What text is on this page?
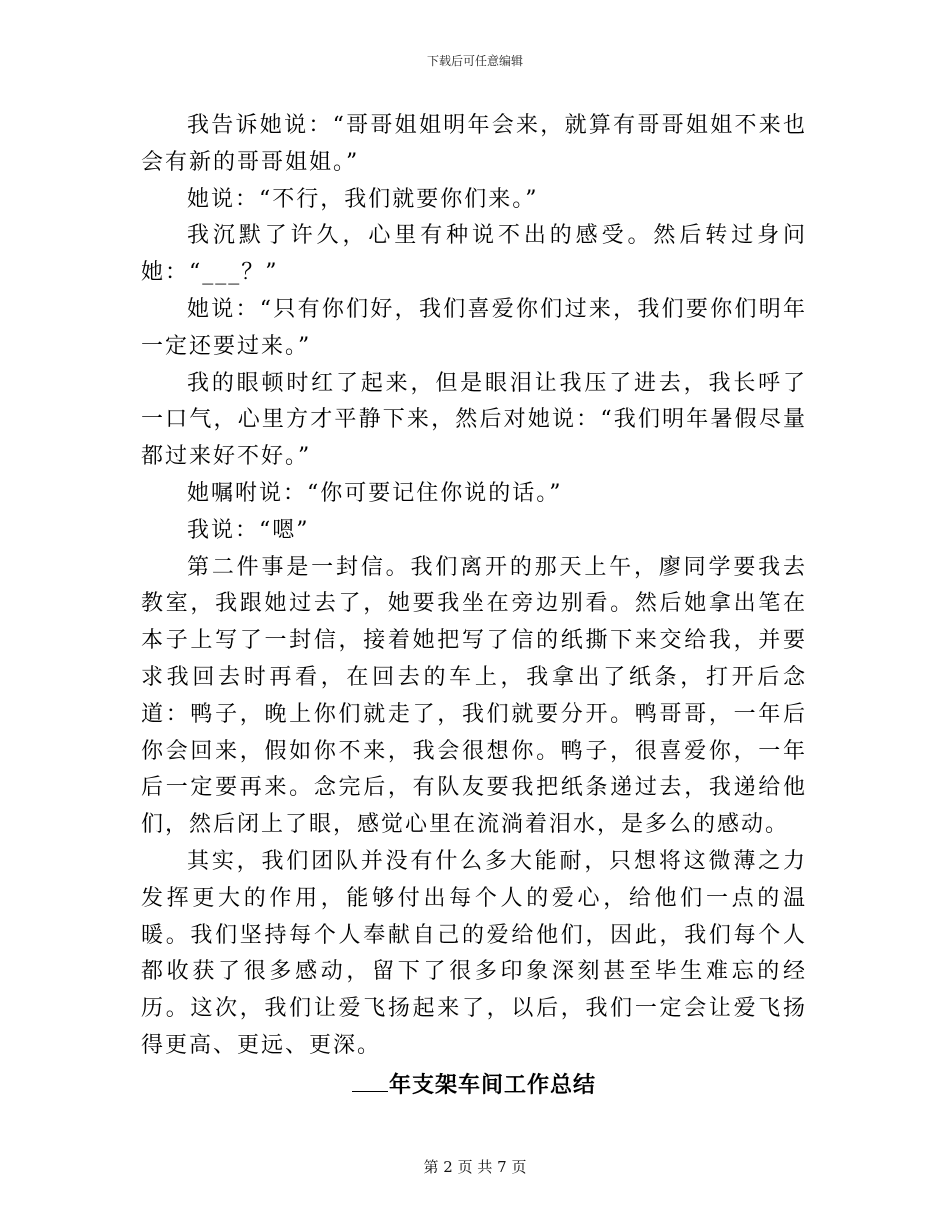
下载后可任意编辑

我告诉她说：“哥哥姐姐明年会来，就算有哥哥姐姐不来也会有新的哥哥姐姐。”

她说：“不行，我们就要你们来。”

我沉默了许久，心里有种说不出的感受。然后转过身问她：“___？”

她说：“只有你们好，我们喜爱你们过来，我们要你们明年一定还要过来。”

我的眼顿时红了起来，但是眼泪让我压了进去，我长呼了一口气，心里方才平静下来，然后对她说：“我们明年暑假尽量都过来好不好。”

她嘱咐说：“你可要记住你说的话。”

我说：“嗯”

第二件事是一封信。我们离开的那天上午，廖同学要我去教室，我跟她过去了，她要我坐在旁边别看。然后她拿出笔在本子上写了一封信，接着她把写了信的纸撕下来交给我，并要求我回去时再看，在回去的车上，我拿出了纸条，打开后念道：鸭子，晚上你们就走了，我们就要分开。鸭哥哥，一年后你会回来，假如你不来，我会很想你。鸭子，很喜爱你，一年后一定要再来。念完后，有队友要我把纸条递过去，我递给他们，然后闭上了眼，感觉心里在流淌着泪水，是多么的感动。

其实，我们团队并没有什么多大能耐，只想将这微薄之力发挥更大的作用，能够付出每个人的爱心，给他们一点的温暖。我们坚持每个人奉献自己的爱给他们，因此，我们每个人都收获了很多感动，留下了很多印象深刻甚至毕生难忘的经历。这次，我们让爱飞扬起来了，以后，我们一定会让爱飞扬得更高、更远、更深。

年支架车间工作总结

第 2 页 共 7 页
